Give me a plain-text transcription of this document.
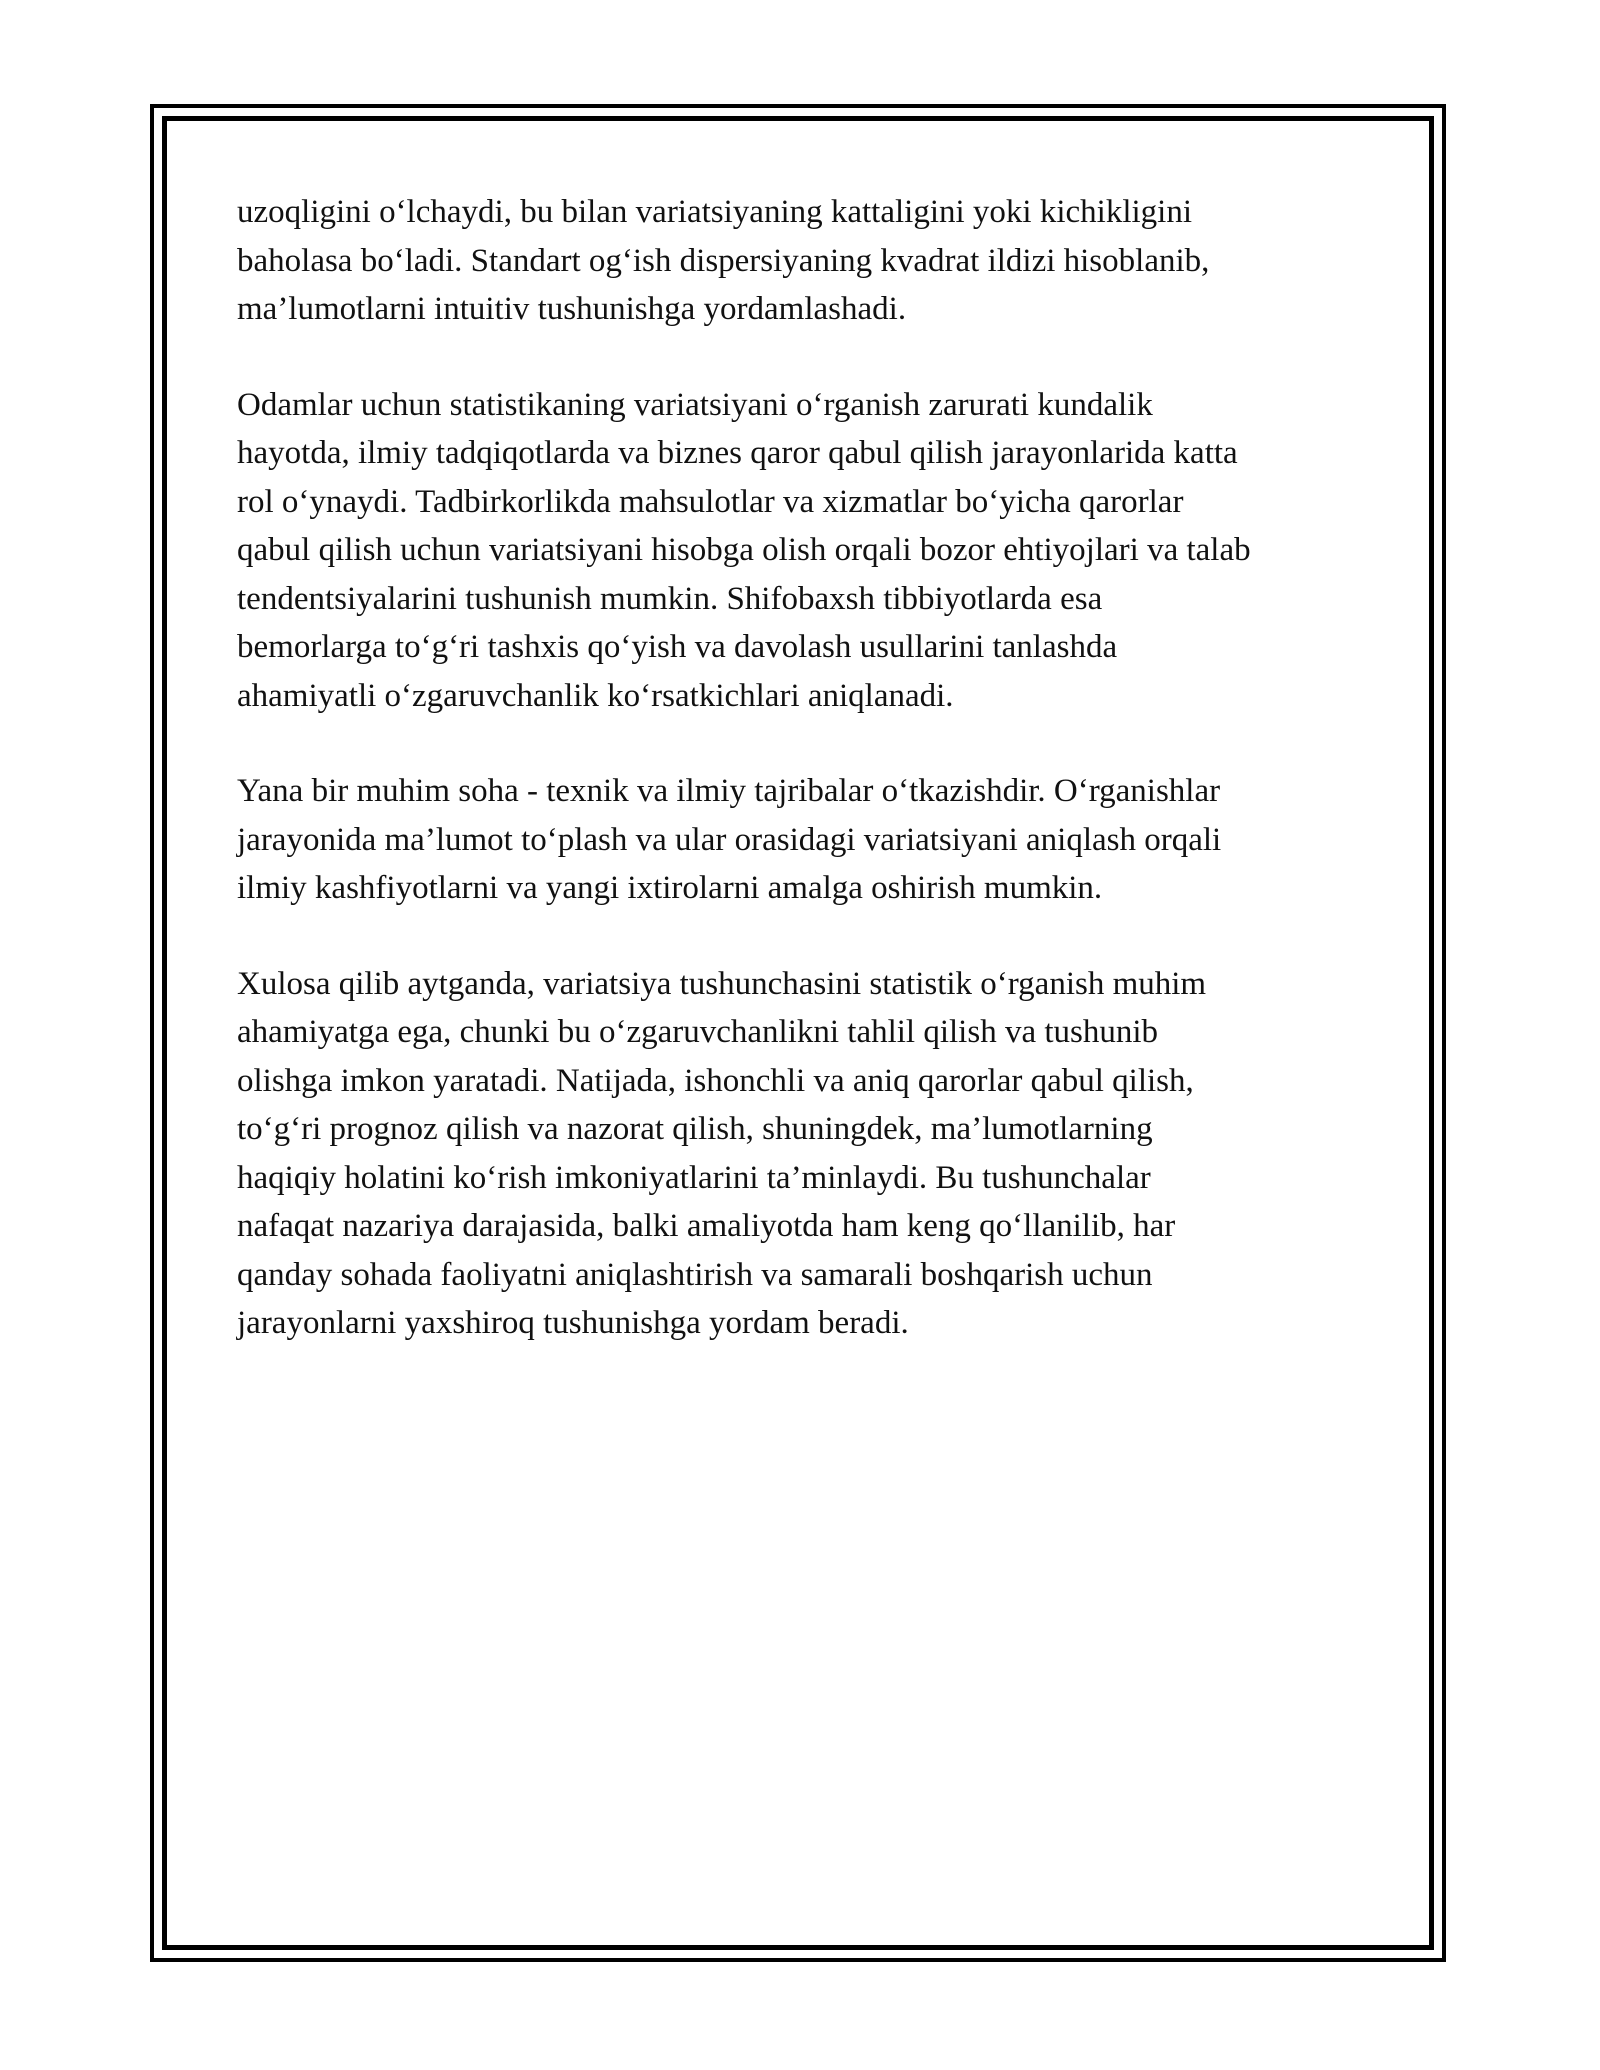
uzoqligini o‘lchaydi, bu bilan variatsiyaning kattaligini yoki kichikligini
baholasa bo‘ladi. Standart og‘ish dispersiyaning kvadrat ildizi hisoblanib,
ma’lumotlarni intuitiv tushunishga yordamlashadi.

Odamlar uchun statistikaning variatsiyani o‘rganish zarurati kundalik
hayotda, ilmiy tadqiqotlarda va biznes qaror qabul qilish jarayonlarida katta
rol o‘ynaydi. Tadbirkorlikda mahsulotlar va xizmatlar bo‘yicha qarorlar
qabul qilish uchun variatsiyani hisobga olish orqali bozor ehtiyojlari va talab
tendentsiyalarini tushunish mumkin. Shifobaxsh tibbiyotlarda esa
bemorlarga to‘g‘ri tashxis qo‘yish va davolash usullarini tanlashda
ahamiyatli o‘zgaruvchanlik ko‘rsatkichlari aniqlanadi.

Yana bir muhim soha - texnik va ilmiy tajribalar o‘tkazishdir. O‘rganishlar
jarayonida ma’lumot to‘plash va ular orasidagi variatsiyani aniqlash orqali
ilmiy kashfiyotlarni va yangi ixtirolarni amalga oshirish mumkin.

Xulosa qilib aytganda, variatsiya tushunchasini statistik o‘rganish muhim
ahamiyatga ega, chunki bu o‘zgaruvchanlikni tahlil qilish va tushunib
olishga imkon yaratadi. Natijada, ishonchli va aniq qarorlar qabul qilish,
to‘g‘ri prognoz qilish va nazorat qilish, shuningdek, ma’lumotlarning
haqiqiy holatini ko‘rish imkoniyatlarini ta’minlaydi. Bu tushunchalar
nafaqat nazariya darajasida, balki amaliyotda ham keng qo‘llanilib, har
qanday sohada faoliyatni aniqlashtirish va samarali boshqarish uchun
jarayonlarni yaxshiroq tushunishga yordam beradi.
